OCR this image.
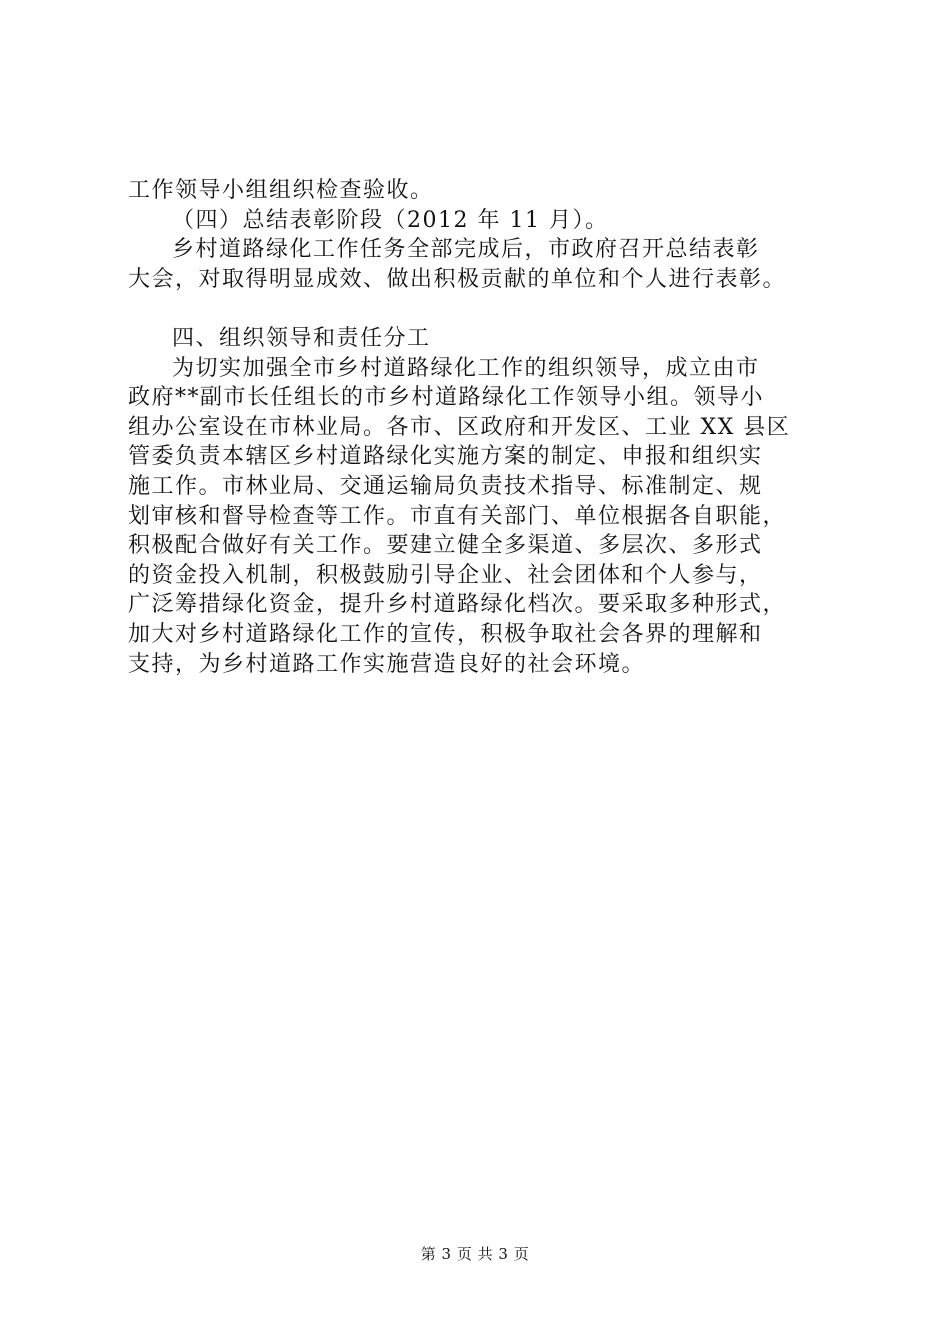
工作领导小组组织检查验收。
（四）总结表彰阶段（2012 年 11 月）。
乡村道路绿化工作任务全部完成后，市政府召开总结表彰
大会，对取得明显成效、做出积极贡献的单位和个人进行表彰。
四、组织领导和责任分工
为切实加强全市乡村道路绿化工作的组织领导，成立由市
政府**副市长任组长的市乡村道路绿化工作领导小组。领导小
组办公室设在市林业局。各市、区政府和开发区、工业 XX 县区
管委负责本辖区乡村道路绿化实施方案的制定、申报和组织实
施工作。市林业局、交通运输局负责技术指导、标准制定、规
划审核和督导检查等工作。市直有关部门、单位根据各自职能，
积极配合做好有关工作。要建立健全多渠道、多层次、多形式
的资金投入机制，积极鼓励引导企业、社会团体和个人参与，
广泛筹措绿化资金，提升乡村道路绿化档次。要采取多种形式，
加大对乡村道路绿化工作的宣传，积极争取社会各界的理解和
支持，为乡村道路工作实施营造良好的社会环境。
第 3 页 共 3 页
